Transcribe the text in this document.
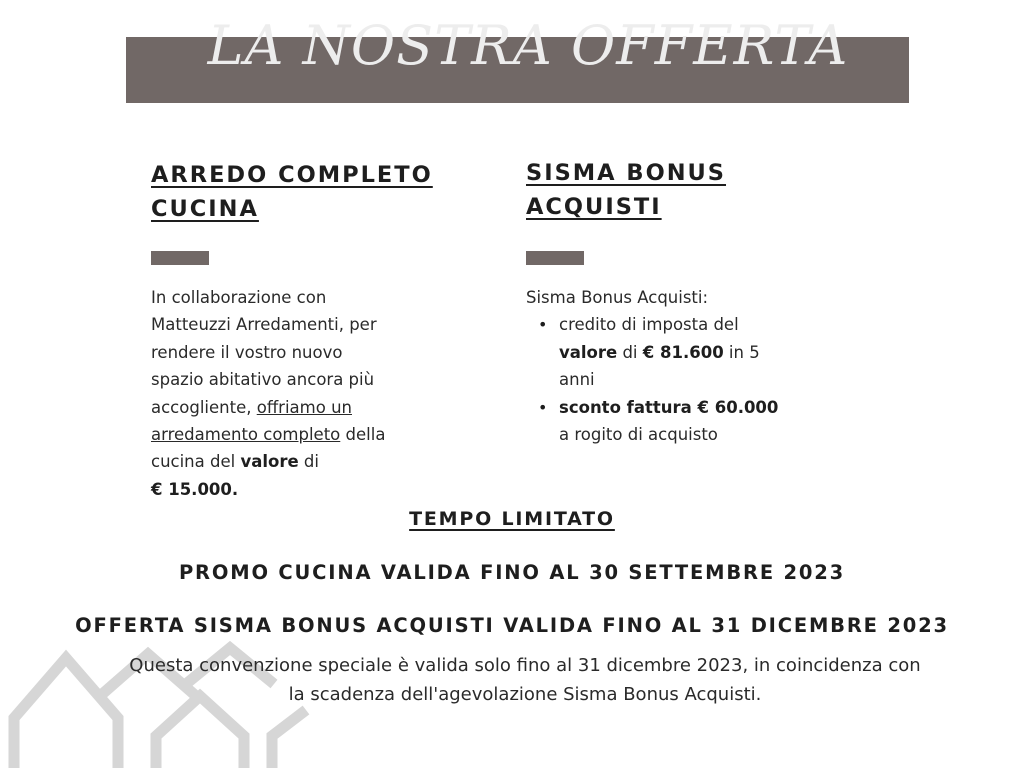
LA NOSTRA OFFERTA
ARREDO COMPLETO
CUCINA
In collaborazione con
Matteuzzi Arredamenti, per
rendere il vostro nuovo
spazio abitativo ancora più
accogliente, offriamo un
arredamento completo della
cucina del valore di
€ 15.000.
SISMA BONUS
ACQUISTI
Sisma Bonus Acquisti:
• credito di imposta del
valore di € 81.600 in 5
anni
• sconto fattura € 60.000
a rogito di acquisto
TEMPO LIMITATO
PROMO CUCINA VALIDA FINO AL 30 SETTEMBRE 2023
OFFERTA SISMA BONUS ACQUISTI VALIDA FINO AL 31 DICEMBRE 2023
Questa convenzione speciale è valida solo fino al 31 dicembre 2023, in coincidenza con
la scadenza dell'agevolazione Sisma Bonus Acquisti.
